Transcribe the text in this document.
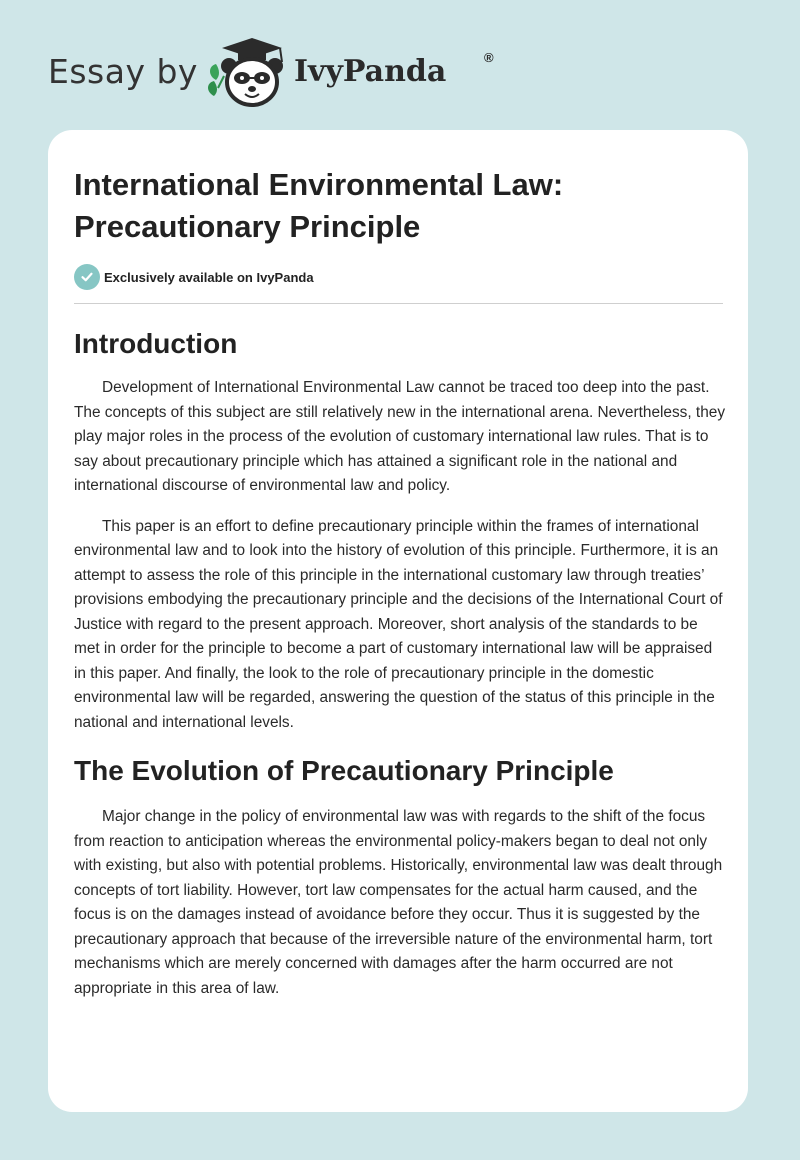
Essay by	IvyPanda	®
International Environmental Law: Precautionary Principle
Exclusively available on IvyPanda
Introduction

Development of International Environmental Law cannot be traced too deep into the past. The concepts of this subject are still relatively new in the international arena. Nevertheless, they play major roles in the process of the evolution of customary international law rules. That is to say about precautionary principle which has attained a significant role in the national and international discourse of environmental law and policy.

This paper is an effort to define precautionary principle within the frames of international environmental law and to look into the history of evolution of this principle. Furthermore, it is an attempt to assess the role of this principle in the international customary law through treaties’ provisions embodying the precautionary principle and the decisions of the International Court of Justice with regard to the present approach. Moreover, short analysis of the standards to be met in order for the principle to become a part of customary international law will be appraised in this paper. And finally, the look to the role of precautionary principle in the domestic environmental law will be regarded, answering the question of the status of this principle in the national and international levels.

The Evolution of Precautionary Principle

Major change in the policy of environmental law was with regards to the shift of the focus from reaction to anticipation whereas the environmental policy-makers began to deal not only with existing, but also with potential problems. Historically, environmental law was dealt through concepts of tort liability. However, tort law compensates for the actual harm caused, and the focus is on the damages instead of avoidance before they occur. Thus it is suggested by the precautionary approach that because of the irreversible nature of the environmental harm, tort mechanisms which are merely concerned with damages after the harm occurred are not appropriate in this area of law.
